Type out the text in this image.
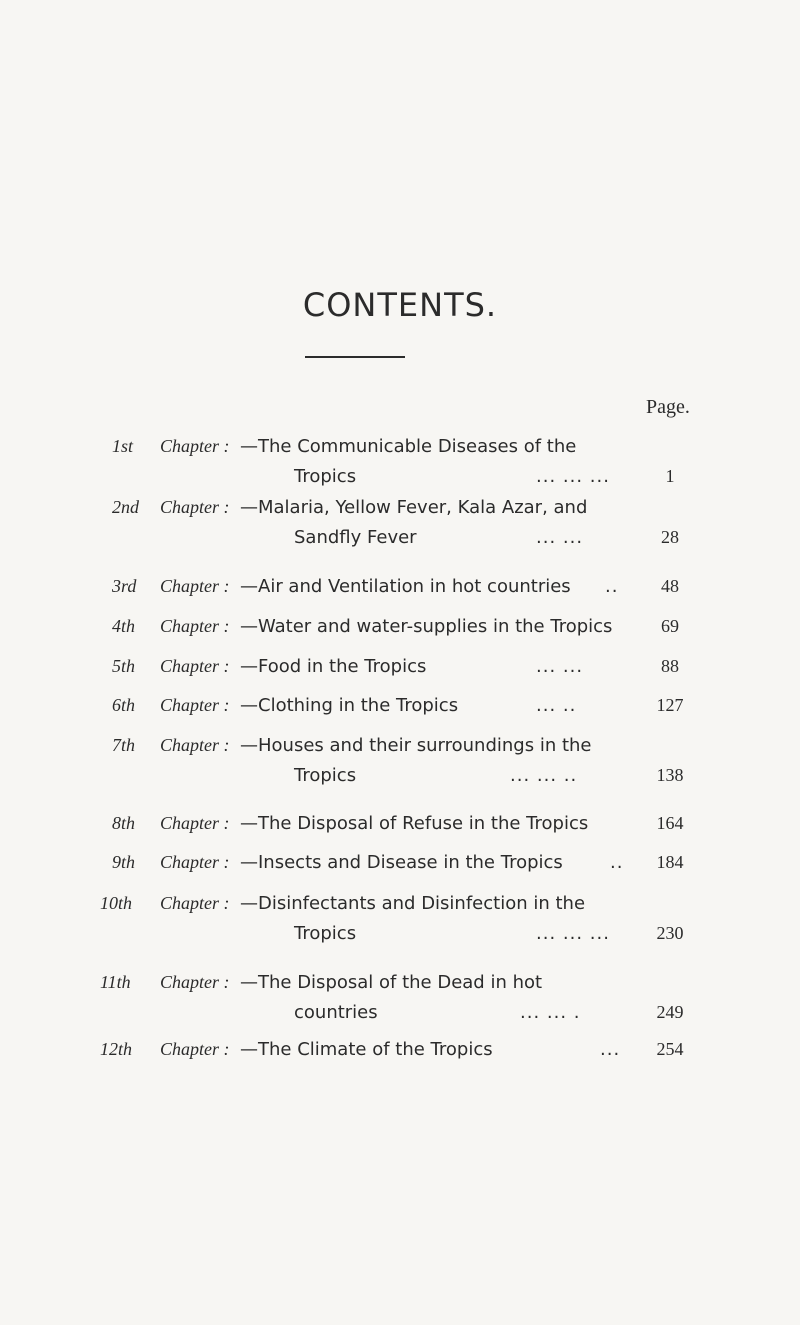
CONTENTS.
Page.
1st Chapter : —The Communicable Diseases of the
Tropics	1
... ... ...
2nd Chapter : —Malaria, Yellow Fever, Kala Azar, and
Sandfly Fever	28
... ...
3rd Chapter : —Air and Ventilation in hot countries	48
..
4th Chapter : —Water and water-supplies in the Tropics	69
5th Chapter : —Food in the Tropics	88
... ...
6th Chapter : —Clothing in the Tropics	127
... ..
7th Chapter : —Houses and their surroundings in the
Tropics	138
... ... ..
8th Chapter : —The Disposal of Refuse in the Tropics	164
9th Chapter : —Insects and Disease in the Tropics	184
..
10th Chapter : —Disinfectants and Disinfection in the
Tropics	230
... ... ...
11th Chapter : —The Disposal of the Dead in hot
countries	249
... ... .
12th Chapter : —The Climate of the Tropics	254
...
